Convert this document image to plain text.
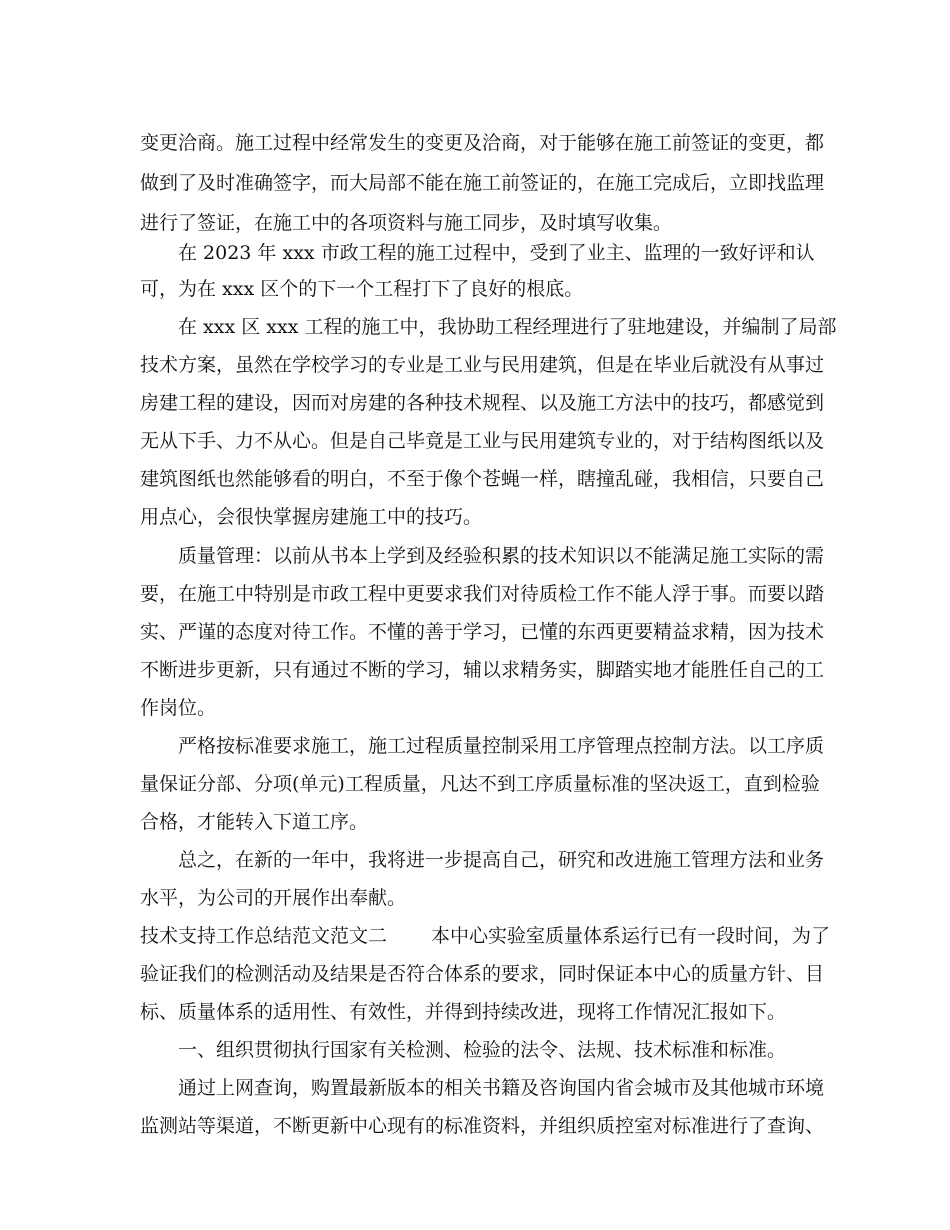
变更洽商。施工过程中经常发生的变更及洽商，对于能够在施工前签证的变更，都
做到了及时准确签字，而大局部不能在施工前签证的，在施工完成后，立即找监理
进行了签证，在施工中的各项资料与施工同步，及时填写收集。
在 2023 年 xxx 市政工程的施工过程中，受到了业主、监理的一致好评和认
可，为在 xxx 区个的下一个工程打下了良好的根底。
在 xxx 区 xxx 工程的施工中，我协助工程经理进行了驻地建设，并编制了局部
技术方案，虽然在学校学习的专业是工业与民用建筑，但是在毕业后就没有从事过
房建工程的建设，因而对房建的各种技术规程、以及施工方法中的技巧，都感觉到
无从下手、力不从心。但是自己毕竟是工业与民用建筑专业的，对于结构图纸以及
建筑图纸也然能够看的明白，不至于像个苍蝇一样，瞎撞乱碰，我相信，只要自己
用点心，会很快掌握房建施工中的技巧。
质量管理：以前从书本上学到及经验积累的技术知识以不能满足施工实际的需
要，在施工中特别是市政工程中更要求我们对待质检工作不能人浮于事。而要以踏
实、严谨的态度对待工作。不懂的善于学习，已懂的东西更要精益求精，因为技术
不断进步更新，只有通过不断的学习，辅以求精务实，脚踏实地才能胜任自己的工
作岗位。
严格按标准要求施工，施工过程质量控制采用工序管理点控制方法。以工序质
量保证分部、分项(单元)工程质量，凡达不到工序质量标准的坚决返工，直到检验
合格，才能转入下道工序。
总之，在新的一年中，我将进一步提高自己，研究和改进施工管理方法和业务
水平，为公司的开展作出奉献。
技术支持工作总结范文范文二 本中心实验室质量体系运行已有一段时间，为了
验证我们的检测活动及结果是否符合体系的要求，同时保证本中心的质量方针、目
标、质量体系的适用性、有效性，并得到持续改进，现将工作情况汇报如下。
一、组织贯彻执行国家有关检测、检验的法令、法规、技术标准和标准。
通过上网查询，购置最新版本的相关书籍及咨询国内省会城市及其他城市环境
监测站等渠道，不断更新中心现有的标准资料，并组织质控室对标准进行了查询、
